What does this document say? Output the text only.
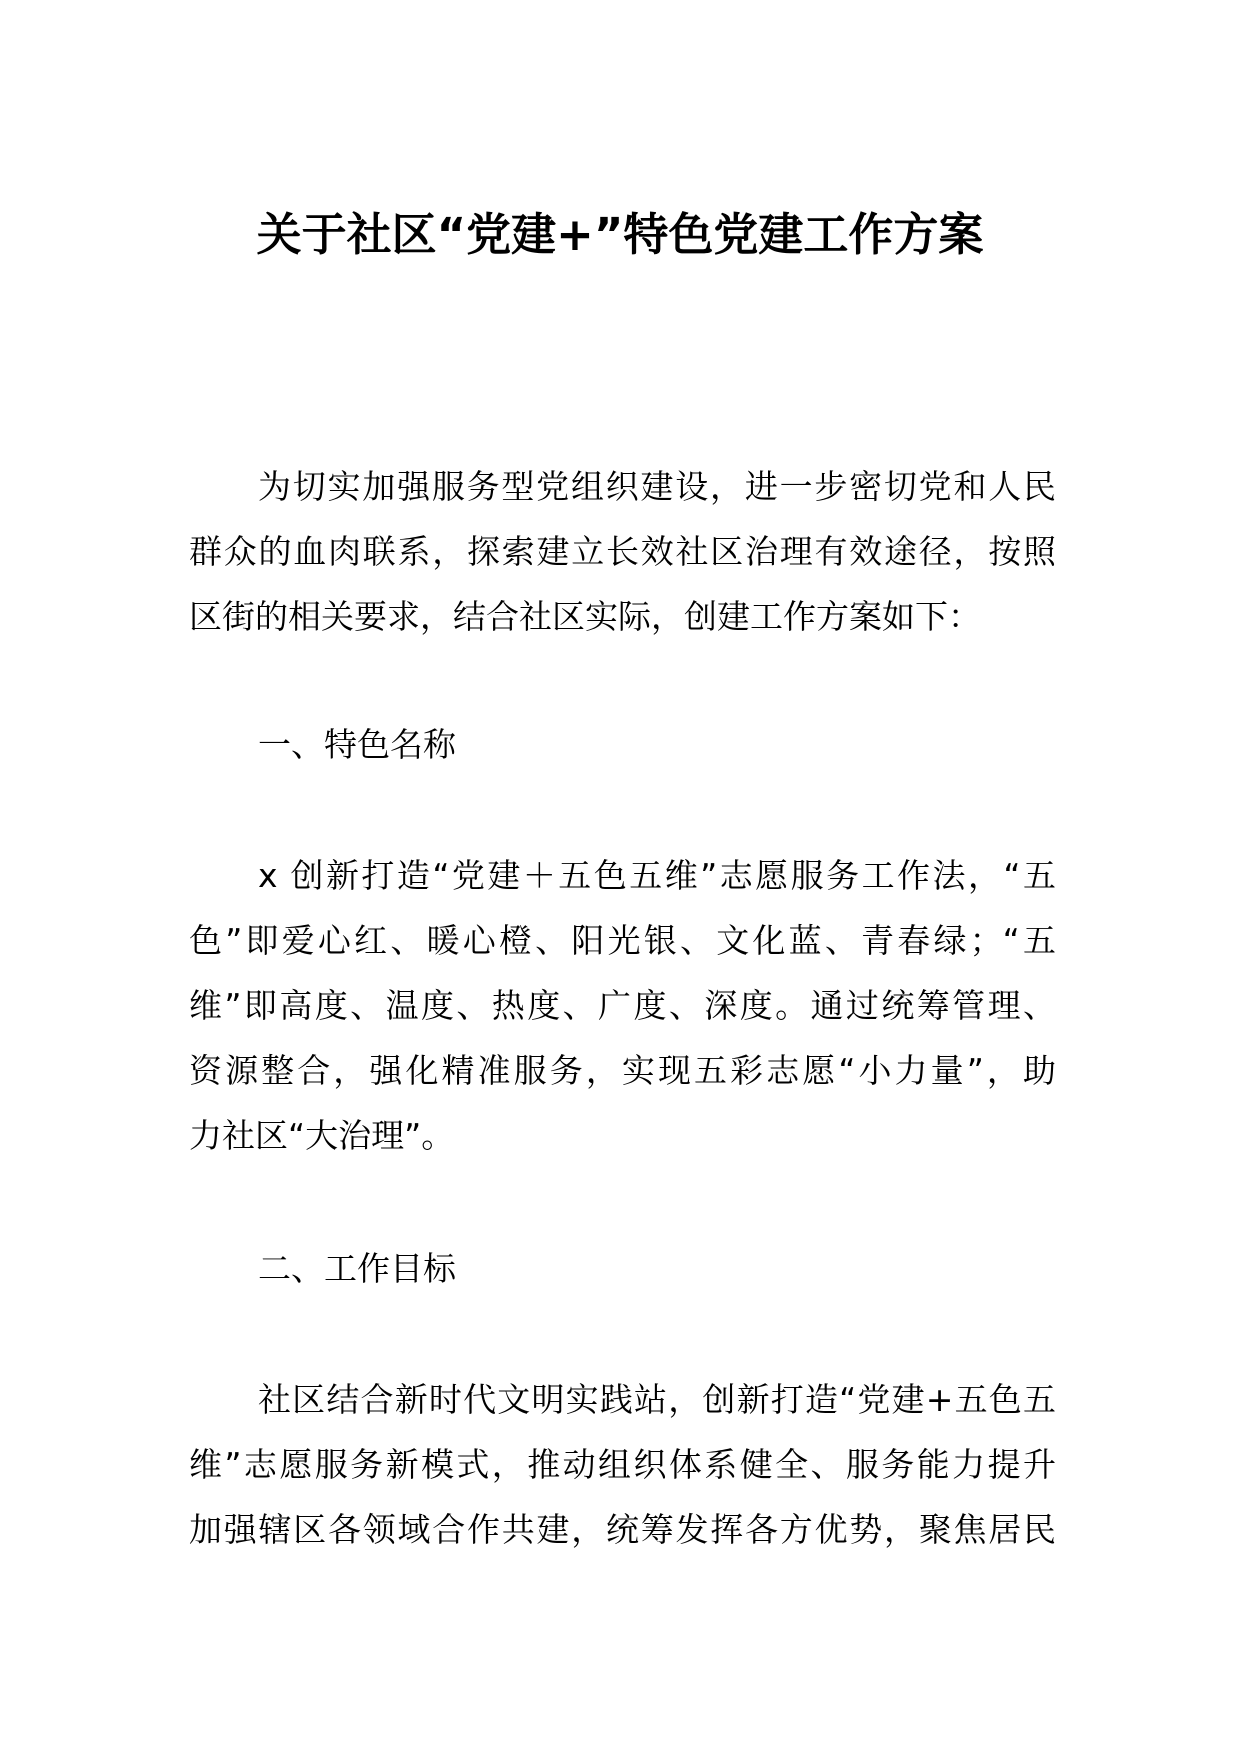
关于社区“党建+”特色党建工作方案
为切实加强服务型党组织建设，进一步密切党和人民
群众的血肉联系，探索建立长效社区治理有效途径，按照
区街的相关要求，结合社区实际，创建工作方案如下：
一、特色名称
x 创新打造“党建＋五色五维”志愿服务工作法，“五
色”即爱心红、暖心橙、阳光银、文化蓝、青春绿；“五
维”即高度、温度、热度、广度、深度。通过统筹管理、
资源整合，强化精准服务，实现五彩志愿“小力量”，助
力社区“大治理”。
二、工作目标
社区结合新时代文明实践站，创新打造“党建+五色五
维”志愿服务新模式，推动组织体系健全、服务能力提升
加强辖区各领域合作共建，统筹发挥各方优势，聚焦居民
